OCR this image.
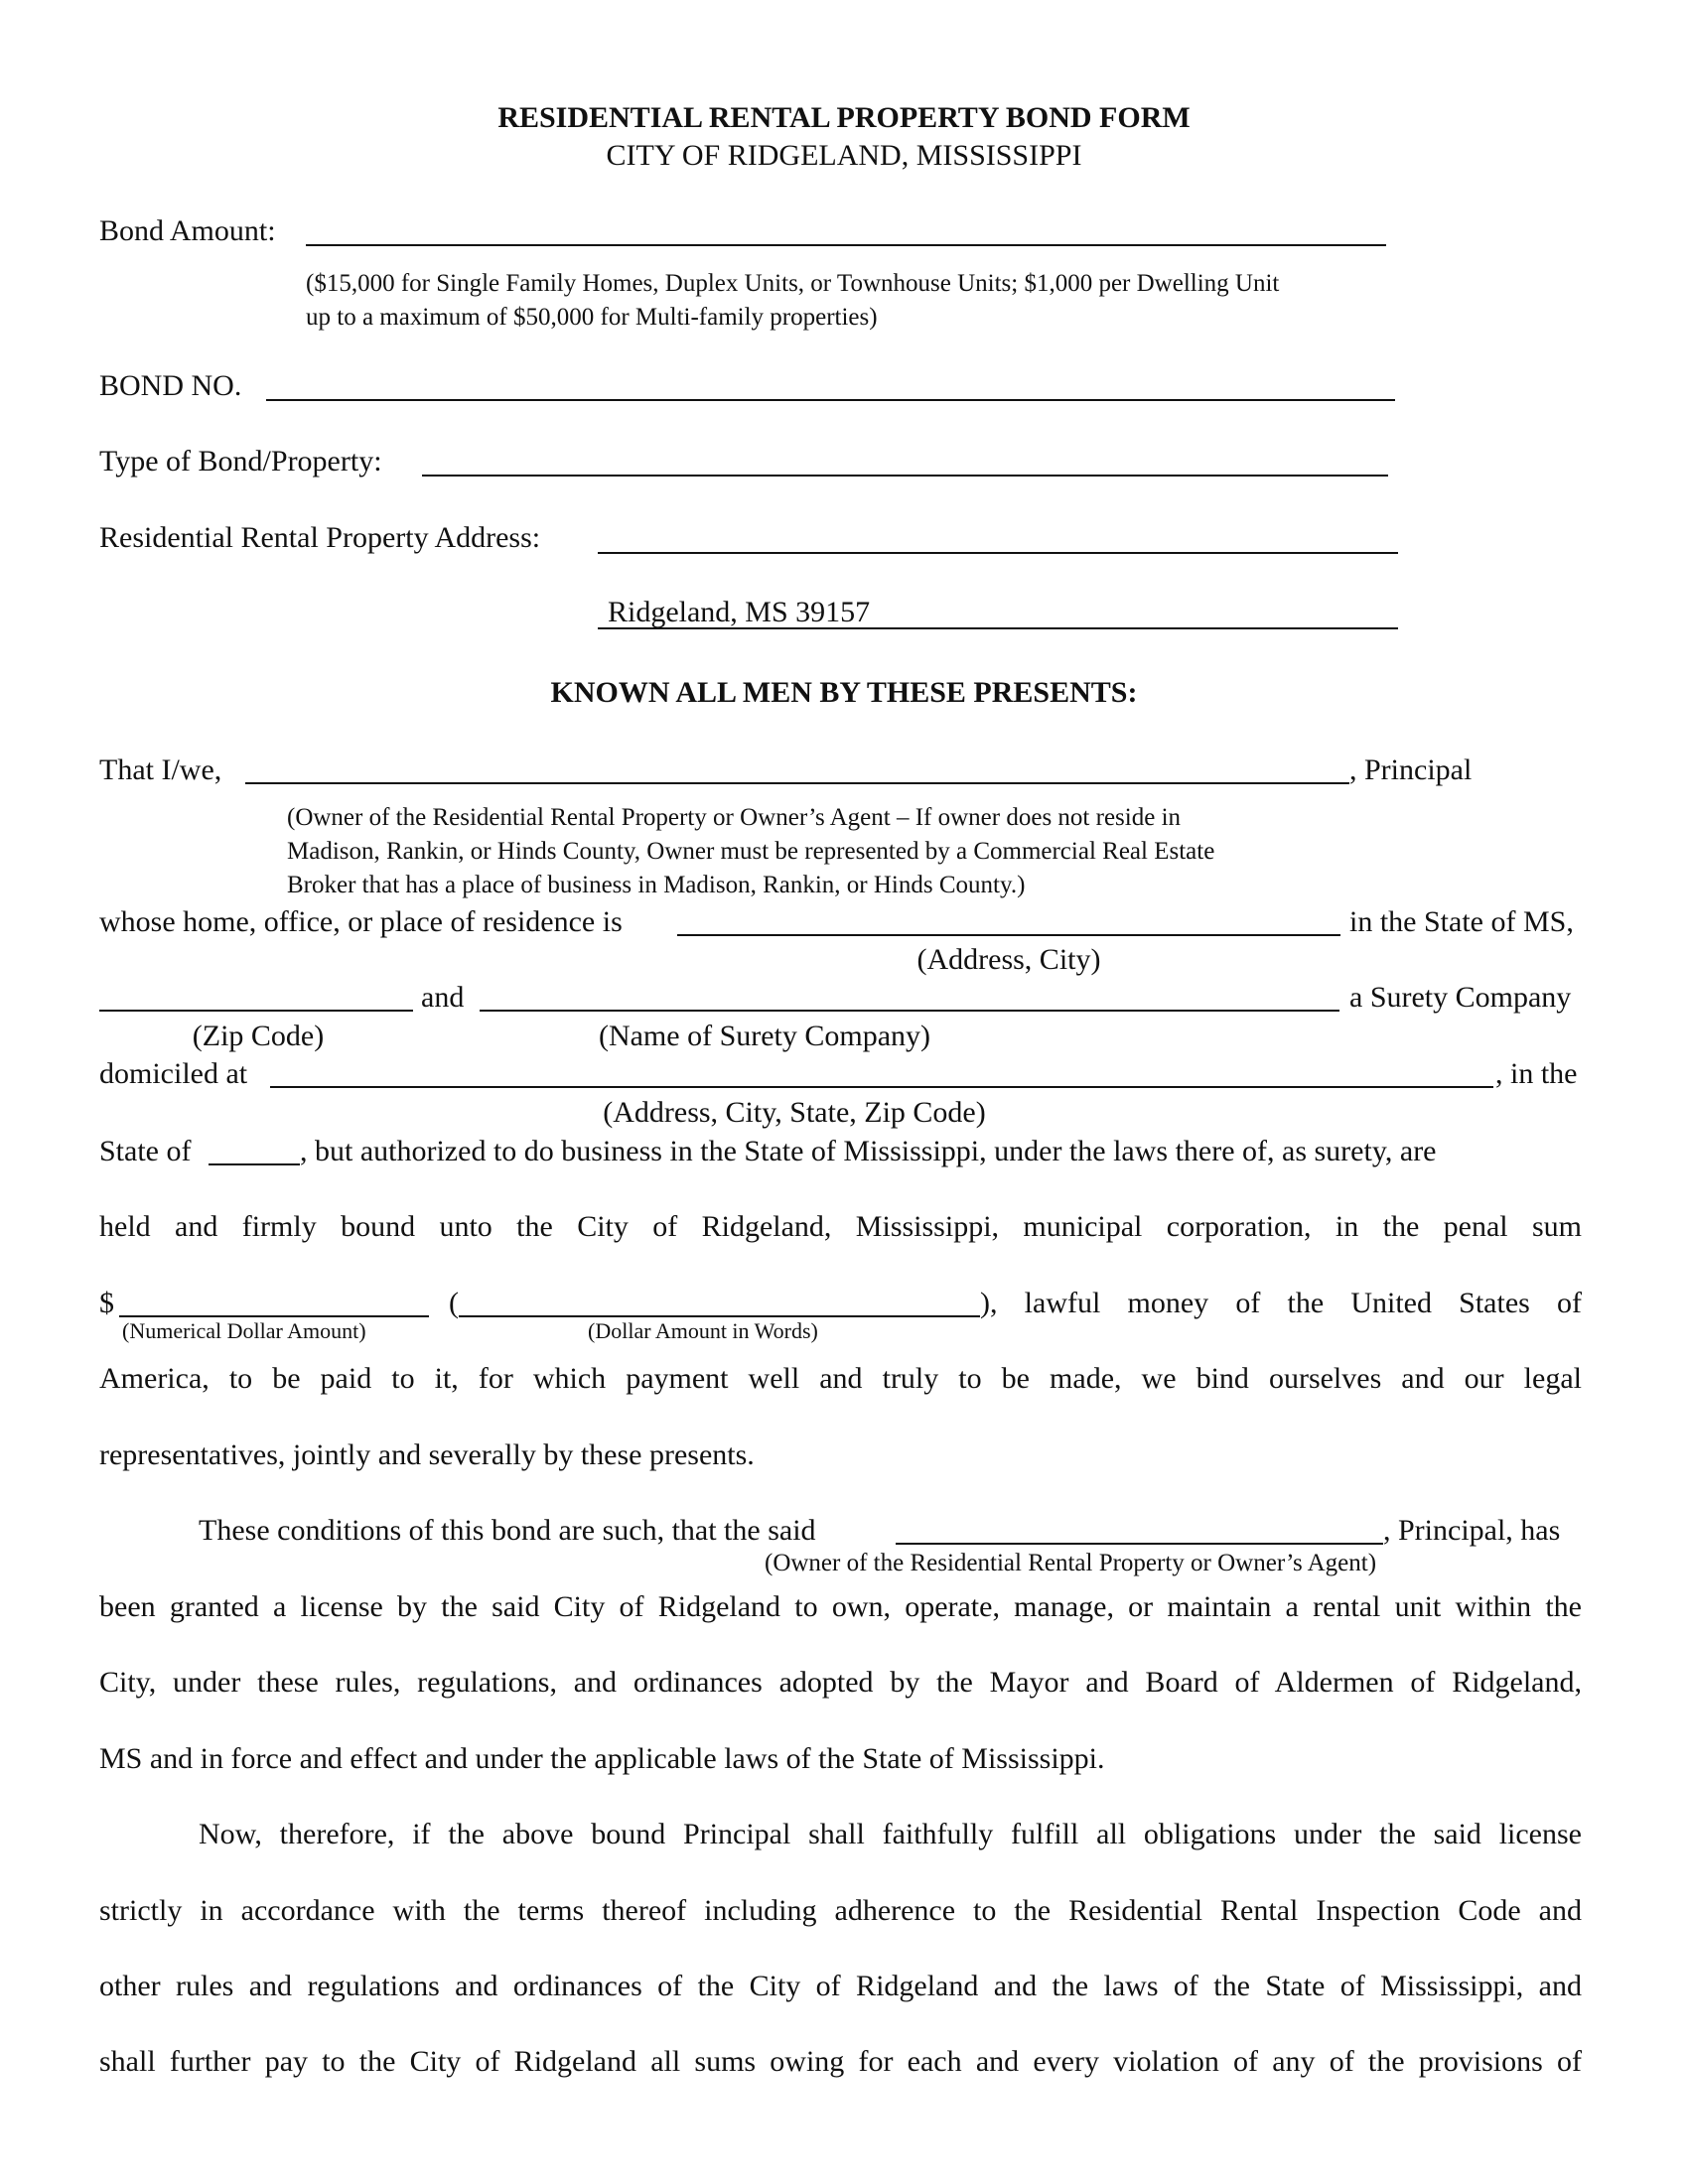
RESIDENTIAL RENTAL PROPERTY BOND FORM
CITY OF RIDGELAND, MISSISSIPPI
Bond Amount:
($15,000 for Single Family Homes, Duplex Units, or Townhouse Units; $1,000 per Dwelling Unit
up to a maximum of $50,000 for Multi-family properties)
BOND NO.
Type of Bond/Property:
Residential Rental Property Address:
Ridgeland, MS 39157
KNOWN ALL MEN BY THESE PRESENTS:
That I/we,	, Principal
(Owner of the Residential Rental Property or Owner’s Agent – If owner does not reside in
Madison, Rankin, or Hinds County, Owner must be represented by a Commercial Real Estate
Broker that has a place of business in Madison, Rankin, or Hinds County.)
whose home, office, or place of residence is	in the State of MS,
(Address, City)
and	a Surety Company
(Zip Code)	(Name of Surety Company)
domiciled at	, in the
(Address, City, State, Zip Code)
State of	, but authorized to do business in the State of Mississippi, under the laws there of, as surety, are
held and firmly bound unto the City of Ridgeland, Mississippi, municipal corporation, in the penal sum
$	(	), lawful money of the United States of
(Numerical Dollar Amount)	(Dollar Amount in Words)
America, to be paid to it, for which payment well and truly to be made, we bind ourselves and our legal
representatives, jointly and severally by these presents.
These conditions of this bond are such, that the said	, Principal, has
(Owner of the Residential Rental Property or Owner’s Agent)
been granted a license by the said City of Ridgeland to own, operate, manage, or maintain a rental unit within the
City, under these rules, regulations, and ordinances adopted by the Mayor and Board of Aldermen of Ridgeland,
MS and in force and effect and under the applicable laws of the State of Mississippi.
Now, therefore, if the above bound Principal shall faithfully fulfill all obligations under the said license
strictly in accordance with the terms thereof including adherence to the Residential Rental Inspection Code and
other rules and regulations and ordinances of the City of Ridgeland and the laws of the State of Mississippi, and
shall further pay to the City of Ridgeland all sums owing for each and every violation of any of the provisions of
